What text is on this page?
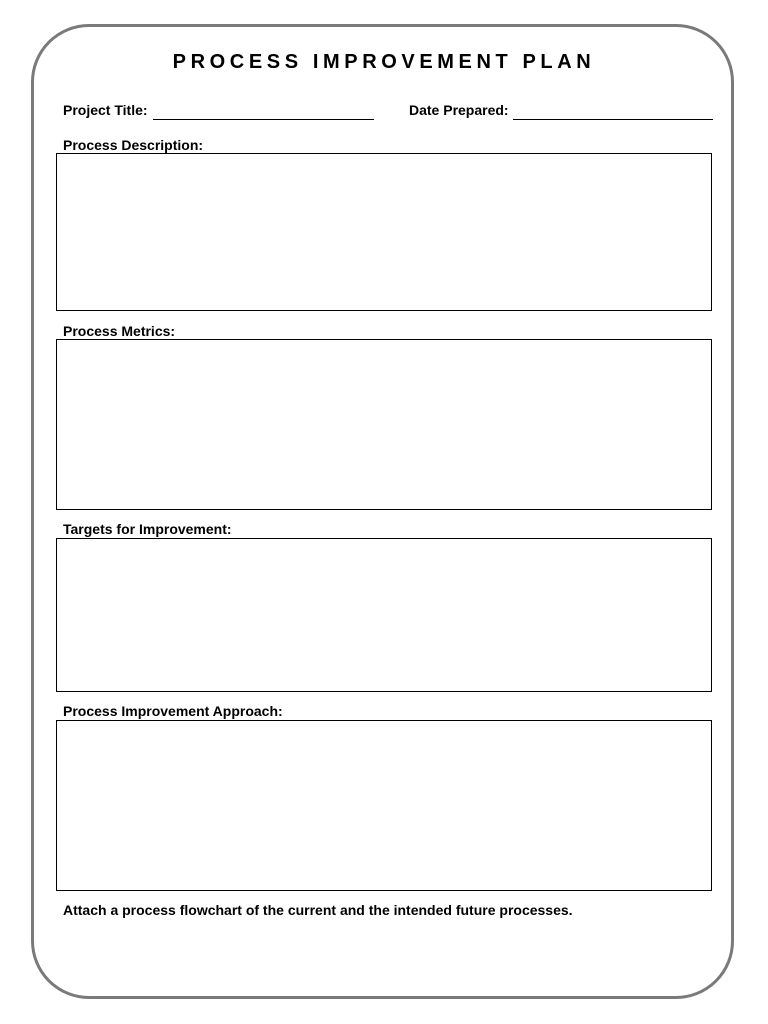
PROCESS IMPROVEMENT PLAN
Project Title:	Date Prepared:
Process Description:
Process Metrics:
Targets for Improvement:
Process Improvement Approach:
Attach a process flowchart of the current and the intended future processes.
